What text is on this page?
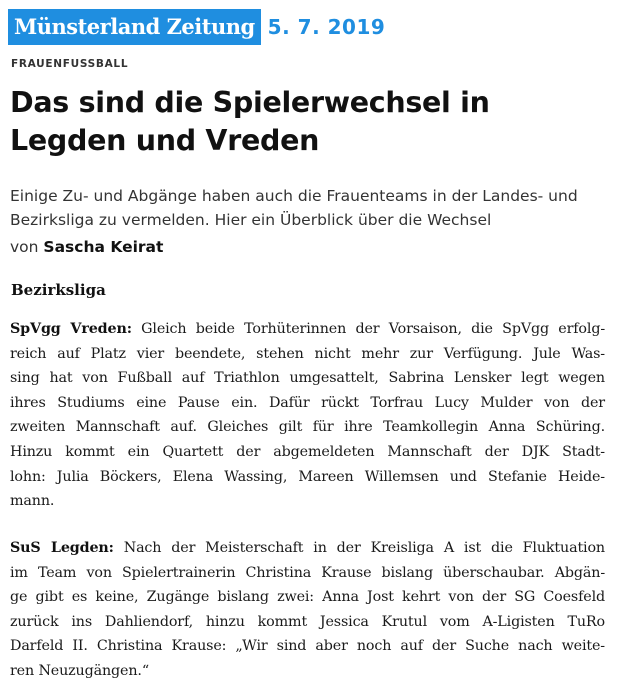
Münsterland Zeitung 5. 7. 2019
FRAUENFUSSBALL
Das sind die Spielerwechsel in
Legden und Vreden

Einige Zu- und Abgänge haben auch die Frauenteams in der Landes- und
Bezirksliga zu vermelden. Hier ein Überblick über die Wechsel

von Sascha Keirat
Bezirksliga

SpVgg Vreden: Gleich beide Torhüterinnen der Vorsaison, die SpVgg erfolg-
reich auf Platz vier beendete, stehen nicht mehr zur Verfügung. Jule Was-
sing hat von Fußball auf Triathlon umgesattelt, Sabrina Lensker legt wegen
ihres Studiums eine Pause ein. Dafür rückt Torfrau Lucy Mulder von der
zweiten Mannschaft auf. Gleiches gilt für ihre Teamkollegin Anna Schüring.
Hinzu kommt ein Quartett der abgemeldeten Mannschaft der DJK Stadt-
lohn: Julia Böckers, Elena Wassing, Mareen Willemsen und Stefanie Heide-
mann.

SuS Legden: Nach der Meisterschaft in der Kreisliga A ist die Fluktuation
im Team von Spielertrainerin Christina Krause bislang überschaubar. Abgän-
ge gibt es keine, Zugänge bislang zwei: Anna Jost kehrt von der SG Coesfeld
zurück ins Dahliendorf, hinzu kommt Jessica Krutul vom A-Ligisten TuRo
Darfeld II. Christina Krause: „Wir sind aber noch auf der Suche nach weite-
ren Neuzugängen.“
